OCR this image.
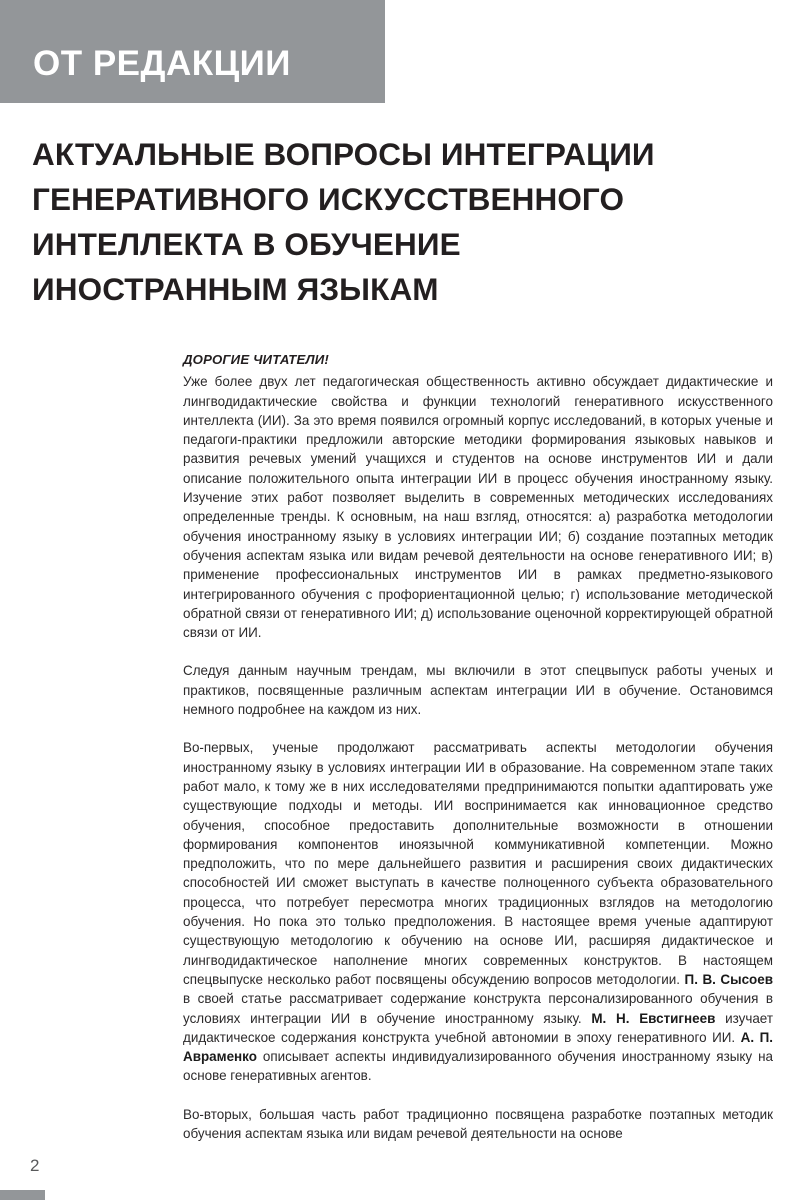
ОТ РЕДАКЦИИ
АКТУАЛЬНЫЕ ВОПРОСЫ ИНТЕГРАЦИИ
ГЕНЕРАТИВНОГО ИСКУССТВЕННОГО
ИНТЕЛЛЕКТА В ОБУЧЕНИЕ
ИНОСТРАННЫМ ЯЗЫКАМ

ДОРОГИЕ ЧИТАТЕЛИ!

Уже более двух лет педагогическая общественность активно обсуждает дидактические и лингводидактические свойства и функции технологий генеративного искусственного интеллекта (ИИ). За это время появился огромный корпус исследований, в которых ученые и педагоги-практики предложили авторские методики формирования языковых навыков и развития речевых умений учащихся и студентов на основе инструментов ИИ и дали описание положительного опыта интеграции ИИ в процесс обучения иностранному языку. Изучение этих работ позволяет выделить в современных методических исследованиях определенные тренды. К основным, на наш взгляд, относятся: а) разработка методологии обучения иностранному языку в условиях интеграции ИИ; б) создание поэтапных методик обучения аспектам языка или видам речевой деятельности на основе генеративного ИИ; в) применение профессиональных инструментов ИИ в рамках предметно-языкового интегрированного обучения с профориентационной целью; г) использование методической обратной связи от генеративного ИИ; д) использование оценочной корректирующей обратной связи от ИИ.

Следуя данным научным трендам, мы включили в этот спецвыпуск работы ученых и практиков, посвященные различным аспектам интеграции ИИ в обучение. Остановимся немного подробнее на каждом из них.

Во-первых, ученые продолжают рассматривать аспекты методологии обучения иностранному языку в условиях интеграции ИИ в образование. На современном этапе таких работ мало, к тому же в них исследователями предпринимаются попытки адаптировать уже существующие подходы и методы. ИИ воспринимается как инновационное средство обучения, способное предоставить дополнительные возможности в отношении формирования компонентов иноязычной коммуникативной компетенции. Можно предположить, что по мере дальнейшего развития и расширения своих дидактических способностей ИИ сможет выступать в качестве полноценного субъекта образовательного процесса, что потребует пересмотра многих традиционных взглядов на методологию обучения. Но пока это только предположения. В настоящее время ученые адаптируют существующую методологию к обучению на основе ИИ, расширяя дидактическое и лингводидактическое наполнение многих современных конструктов. В настоящем спецвыпуске несколько работ посвящены обсуждению вопросов методологии. П. В. Сысоев в своей статье рассматривает содержание конструкта персонализированного обучения в условиях интеграции ИИ в обучение иностранному языку. М. Н. Евстигнеев изучает дидактическое содержания конструкта учебной автономии в эпоху генеративного ИИ. А. П. Авраменко описывает аспекты индивидуализированного обучения иностранному языку на основе генеративных агентов.

Во-вторых, большая часть работ традиционно посвящена разработке поэтапных методик обучения аспектам языка или видам речевой деятельности на основе

2
